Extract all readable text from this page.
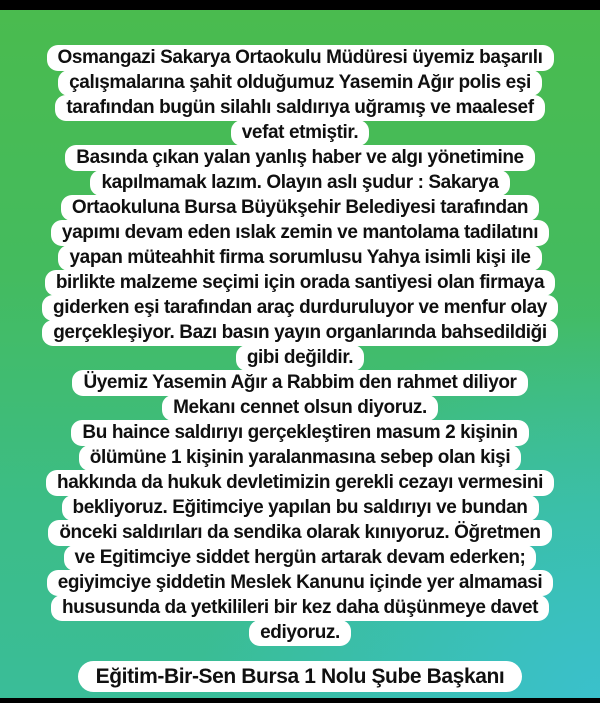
Osmangazi Sakarya Ortaokulu Müdüresi üyemiz başarılı
çalışmalarına şahit olduğumuz Yasemin Ağır polis eşi
tarafından bugün silahlı saldırıya uğramış ve maalesef
vefat etmiştir.
Basında çıkan yalan yanlış haber ve algı yönetimine
kapılmamak lazım. Olayın aslı şudur : Sakarya
Ortaokuluna Bursa Büyükşehir Belediyesi tarafından
yapımı devam eden ıslak zemin ve mantolama tadilatını
yapan müteahhit firma sorumlusu Yahya isimli kişi ile
birlikte malzeme seçimi için orada santiyesi olan firmaya
giderken eşi tarafından araç durduruluyor ve menfur olay
gerçekleşiyor. Bazı basın yayın organlarında bahsedildiği
gibi değildir.
Üyemiz Yasemin Ağır a Rabbim den rahmet diliyor
Mekanı cennet olsun diyoruz.
Bu haince saldırıyı gerçekleştiren masum 2 kişinin
ölümüne 1 kişinin yaralanmasına sebep olan kişi
hakkında da hukuk devletimizin gerekli cezayı vermesini
bekliyoruz. Eğitimciye yapılan bu saldırıyı ve bundan
önceki saldırıları da sendika olarak kınıyoruz. Öğretmen
ve Egitimciye siddet hergün artarak devam ederken;
egiyimciye şiddetin Meslek Kanunu içinde yer almamasi
hususunda da yetkilileri bir kez daha düşünmeye davet
ediyoruz.
Eğitim-Bir-Sen Bursa 1 Nolu Şube Başkanı
